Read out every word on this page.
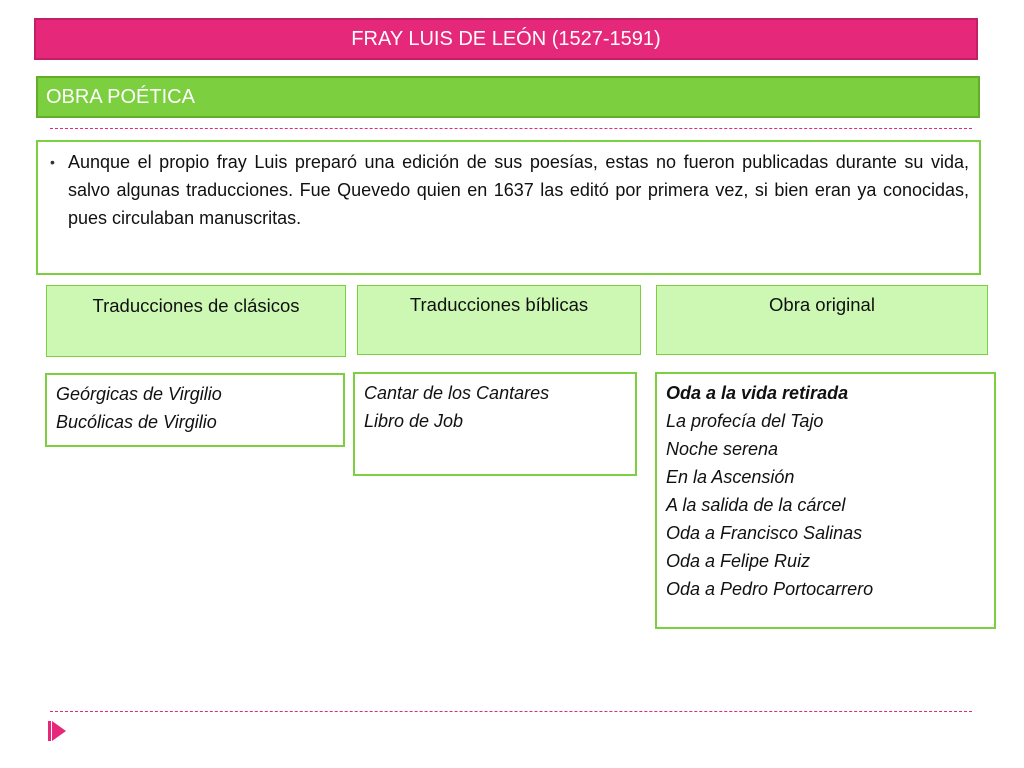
FRAY LUIS DE LEÓN (1527-1591)
OBRA POÉTICA
• Aunque el propio fray Luis preparó una edición de sus poesías, estas no fueron publicadas durante su vida, salvo algunas traducciones. Fue Quevedo quien en 1637 las editó por primera vez, si bien eran ya conocidas, pues circulaban manuscritas.
Traducciones de clásicos	Traducciones bíblicas	Obra original
Geórgicas de Virgilio
Bucólicas de Virgilio
Cantar de los Cantares
Libro de Job
Oda a la vida retirada
La profecía del Tajo
Noche serena
En la Ascensión
A la salida de la cárcel
Oda a Francisco Salinas
Oda a Felipe Ruiz
Oda a Pedro Portocarrero
